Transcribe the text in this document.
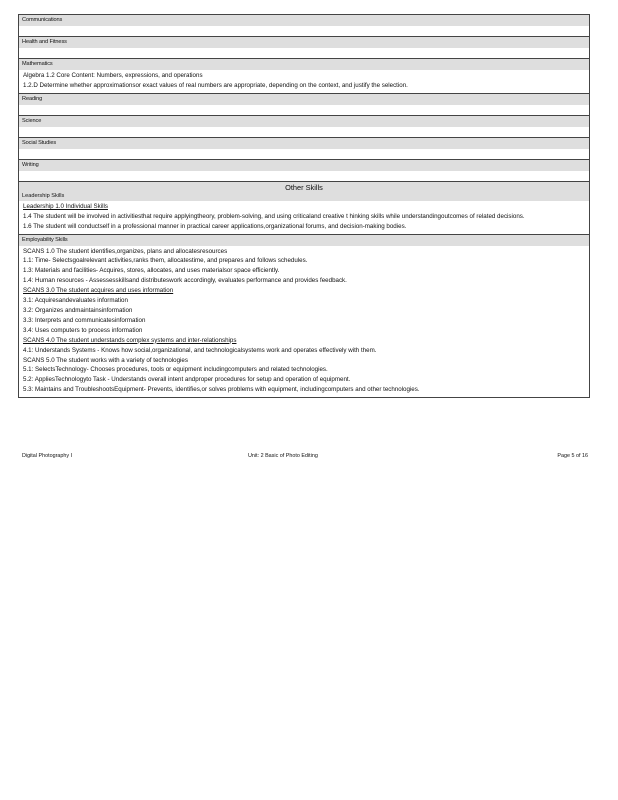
Communications
Health and Fitness
Mathematics
Algebra 1.2 Core Content: Numbers, expressions, and operations
1.2.D Determine whether approximationsor exact values of real numbers are appropriate, depending on the context, and justify the selection.
Reading
Science
Social Studies
Writing
Other Skills
Leadership Skills
Leadership 1.0 Individual Skills
1.4 The student will be involved in activitiesthat require applyingtheory, problem-solving, and using criticaland creative t hinking skills while understandingoutcomes of related decisions.
1.6 The student will conductself in a professional manner in practical career applications,organizational forums, and decision-making bodies.
Employability Skills
SCANS 1.0 The student identifies,organizes, plans and allocatesresources
1.1: Time- Selectsgoalrelevant activities,ranks them, allocatestime, and prepares and follows schedules.
1.3: Materials and facilities- Acquires, stores, allocates, and uses materialsor space efficiently.
1.4: Human resources - Assessesskillsand distributeswork accordingly, evaluates performance and provides feedback.
SCANS 3.0 The student acquires and uses information
3.1: Acquiresandevaluates information
3.2: Organizes andmaintainsinformation
3.3: Interprets and communicatesinformation
3.4: Uses computers to process information
SCANS 4.0 The student understands complex systems and inter-relationships
4.1: Understands Systems - Knows how social,organizational, and technologicalsystems work and operates effectively with them.
SCANS 5.0 The student works with a variety of technologies
5.1: SelectsTechnology- Chooses procedures, tools or equipment includingcomputers and related technologies.
5.2: AppliesTechnologyto Task - Understands overall intent andproper procedures for setup and operation of equipment.
5.3: Maintains and TroubleshootsEquipment- Prevents, identifies,or solves problems with equipment, includingcomputers and other technologies.
Digital Photography I	Unit: 2 Basic of Photo Editing	Page 5 of 16
